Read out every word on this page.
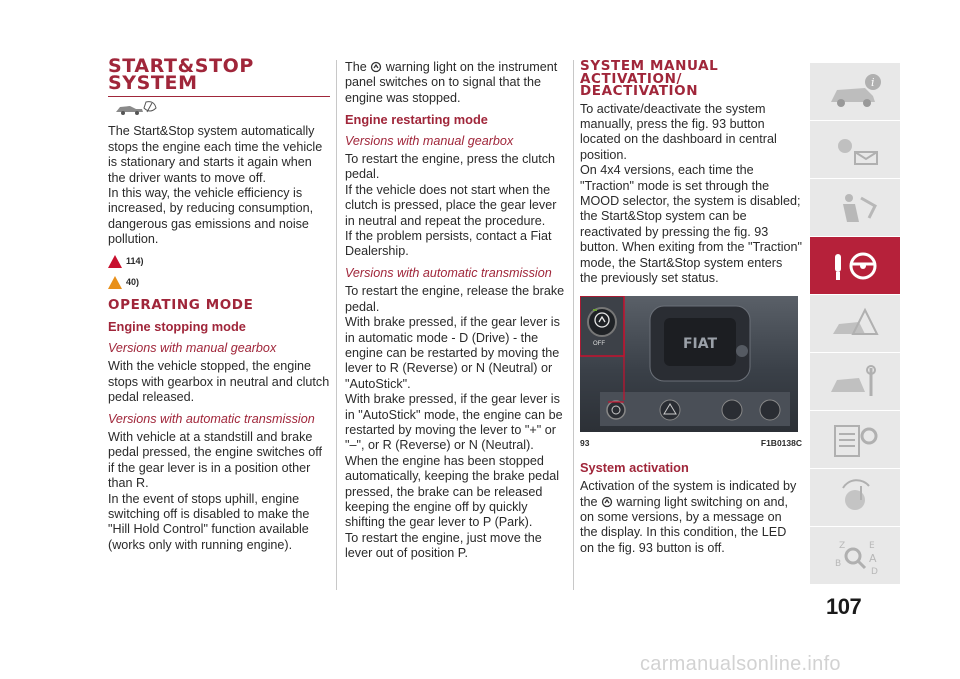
START&STOP
SYSTEM

The Start&Stop system automatically stops the engine each time the vehicle is stationary and starts it again when the driver wants to move off.

In this way, the vehicle efficiency is increased, by reducing consumption, dangerous gas emissions and noise pollution.

114)
40)
OPERATING MODE
Engine stopping mode
Versions with manual gearbox

With the vehicle stopped, the engine stops with gearbox in neutral and clutch pedal released.

Versions with automatic transmission

With vehicle at a standstill and brake pedal pressed, the engine switches off if the gear lever is in a position other than R.

In the event of stops uphill, engine switching off is disabled to make the "Hill Hold Control" function available (works only with running engine).

The warning light on the instrument panel switches on to signal that the engine was stopped.

Engine restarting mode
Versions with manual gearbox

To restart the engine, press the clutch pedal.

If the vehicle does not start when the clutch is pressed, place the gear lever in neutral and repeat the procedure.

If the problem persists, contact a Fiat Dealership.

Versions with automatic transmission

To restart the engine, release the brake pedal.

With brake pressed, if the gear lever is in automatic mode - D (Drive) - the engine can be restarted by moving the lever to R (Reverse) or N (Neutral) or "AutoStick".

With brake pressed, if the gear lever is in "AutoStick" mode, the engine can be restarted by moving the lever to "+" or "–", or R (Reverse) or N (Neutral).

When the engine has been stopped automatically, keeping the brake pedal pressed, the brake can be released keeping the engine off by quickly shifting the gear lever to P (Park).

To restart the engine, just move the lever out of position P.

SYSTEM MANUAL
ACTIVATION/
DEACTIVATION

To activate/deactivate the system manually, press the fig. 93 button located on the dashboard in central position.

On 4x4 versions, each time the "Traction" mode is set through the MOOD selector, the system is disabled; the Start&Stop system can be reactivated by pressing the fig. 93 button. When exiting from the "Traction" mode, the Start&Stop system enters the previously set status.

FIAT
OFF
93	F1B0138C
System activation

Activation of the system is indicated by the warning light switching on and, on some versions, by a message on the display. In this condition, the LED on the fig. 93 button is off.

i
Z	E
B	A
D
107
carmanualsonline.info
